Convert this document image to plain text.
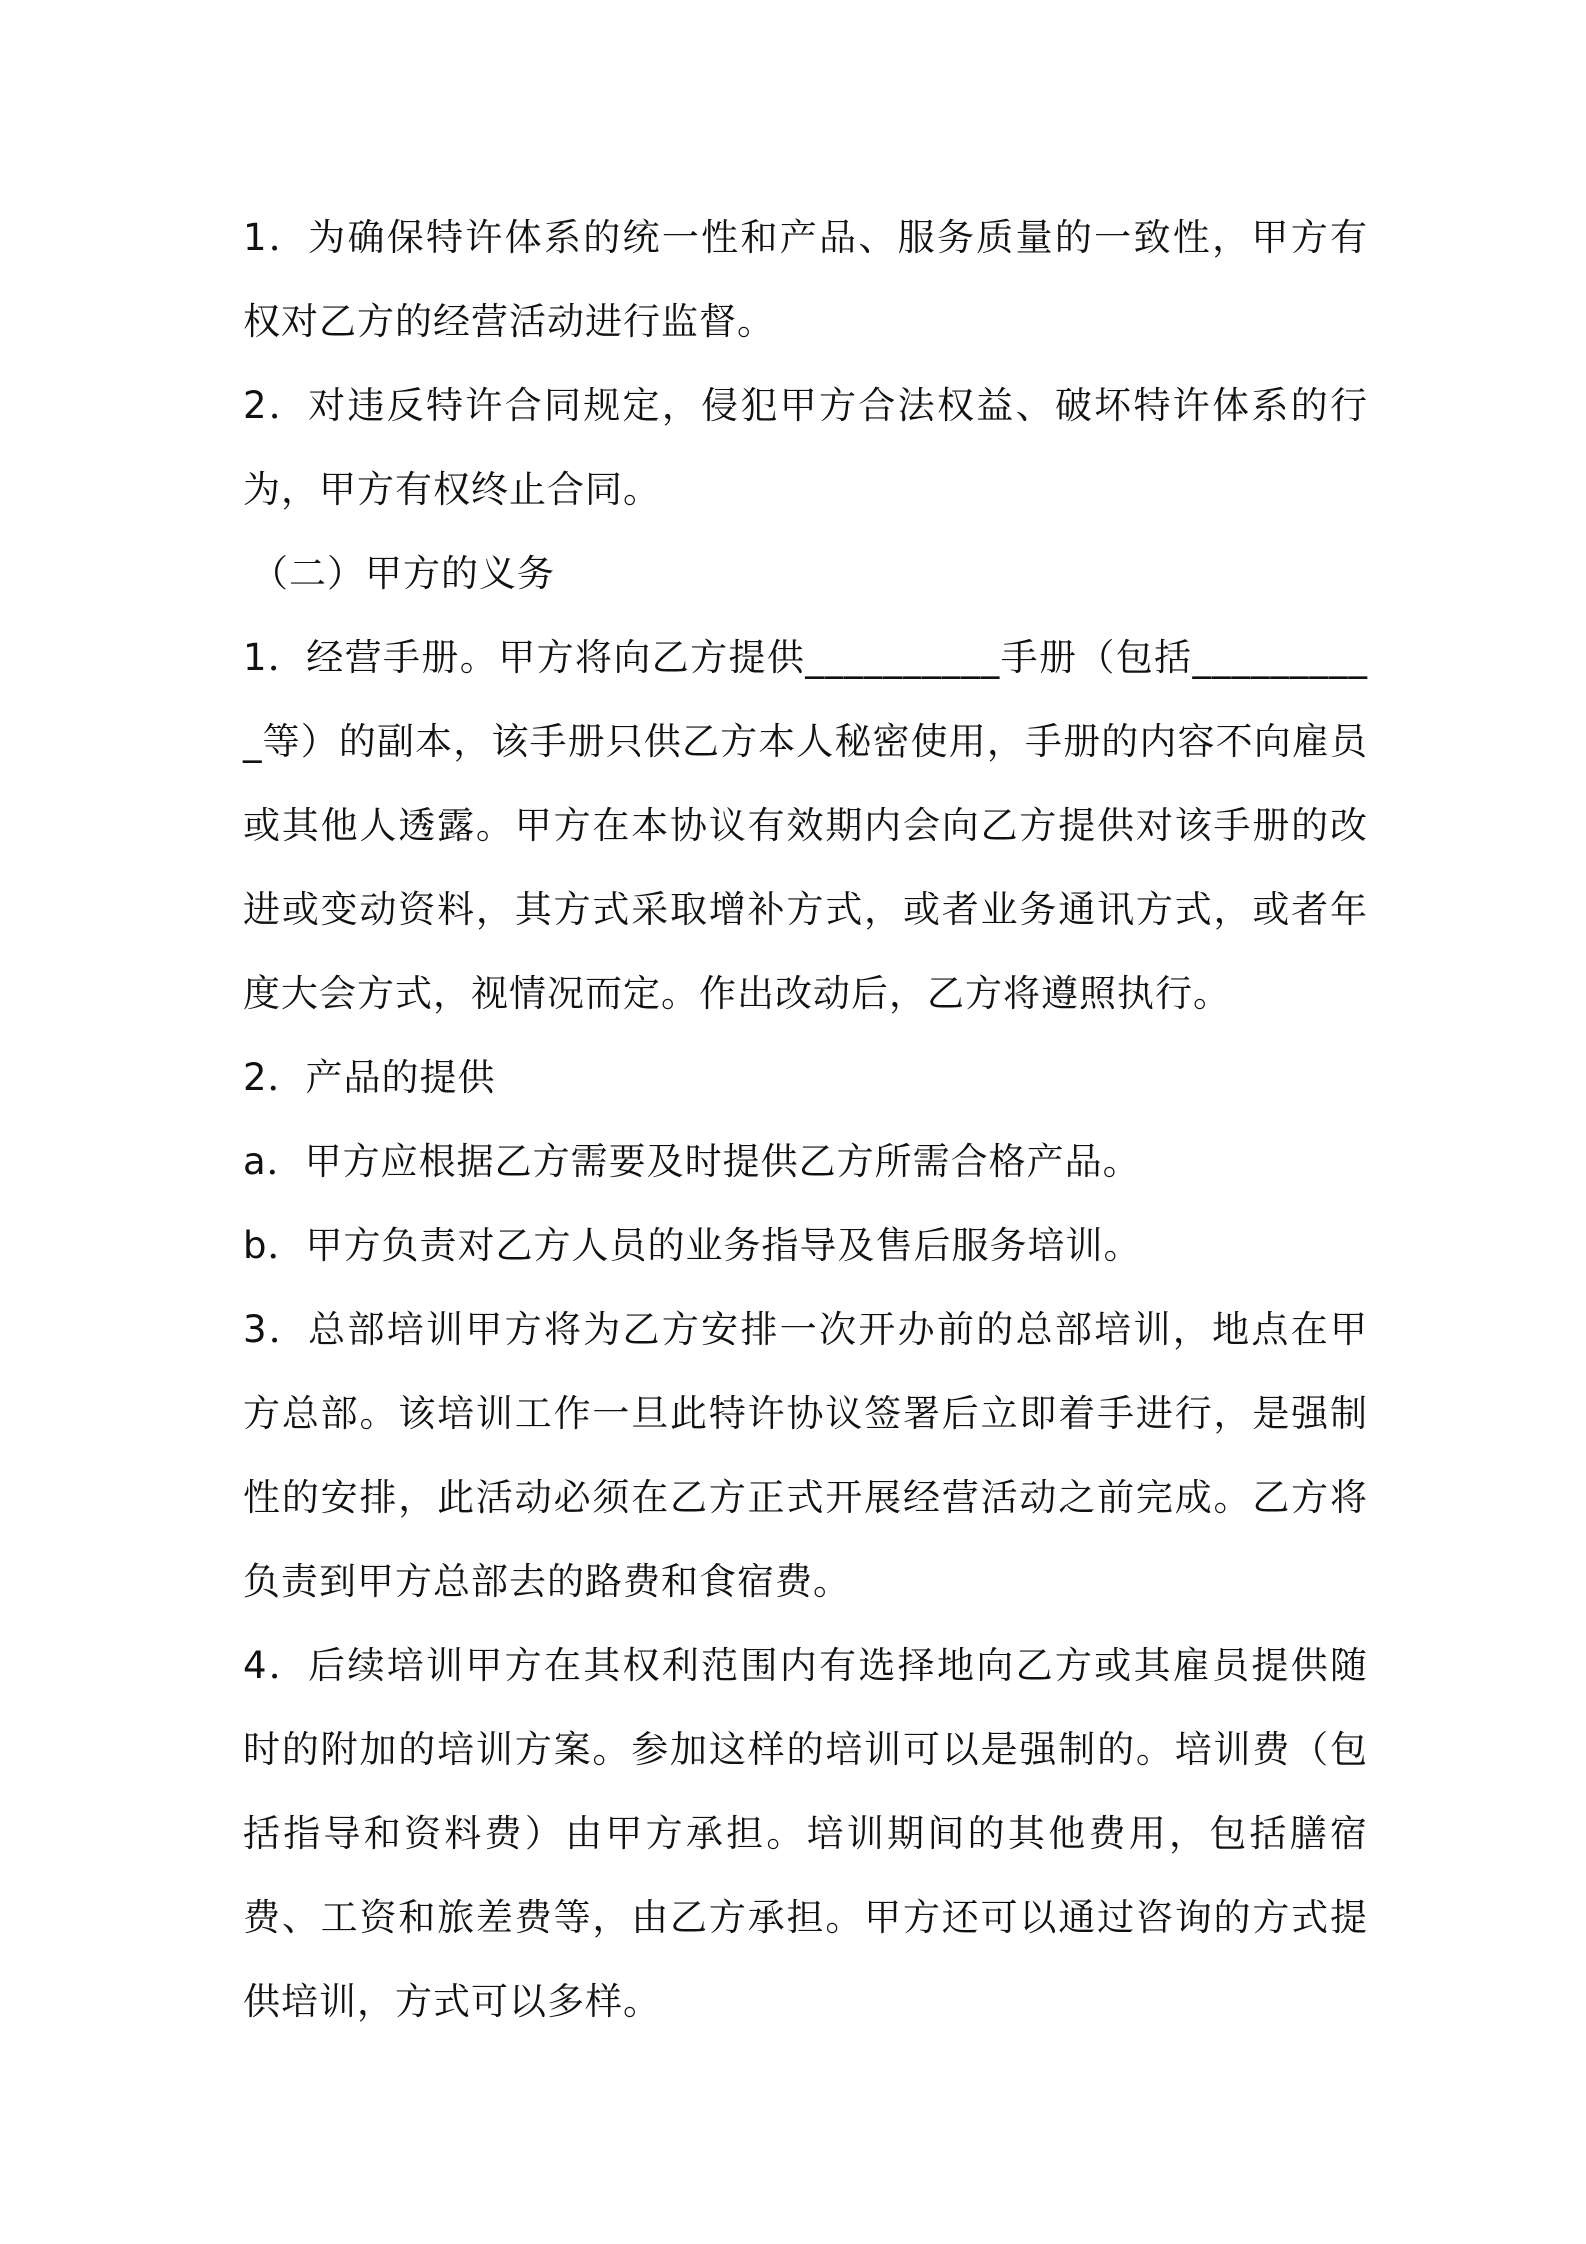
1．为确保特许体系的统一性和产品、服务质量的一致性，甲方有权对乙方的经营活动进行监督。

2．对违反特许合同规定，侵犯甲方合法权益、破坏特许体系的行为，甲方有权终止合同。

（二）甲方的义务

1．经营手册。甲方将向乙方提供__________手册（包括__________等）的副本，该手册只供乙方本人秘密使用，手册的内容不向雇员或其他人透露。甲方在本协议有效期内会向乙方提供对该手册的改进或变动资料，其方式采取增补方式，或者业务通讯方式，或者年度大会方式，视情况而定。作出改动后，乙方将遵照执行。

2．产品的提供

a．甲方应根据乙方需要及时提供乙方所需合格产品。

b．甲方负责对乙方人员的业务指导及售后服务培训。

3．总部培训甲方将为乙方安排一次开办前的总部培训，地点在甲方总部。该培训工作一旦此特许协议签署后立即着手进行，是强制性的安排，此活动必须在乙方正式开展经营活动之前完成。乙方将负责到甲方总部去的路费和食宿费。

4．后续培训甲方在其权利范围内有选择地向乙方或其雇员提供随时的附加的培训方案。参加这样的培训可以是强制的。培训费（包括指导和资料费）由甲方承担。培训期间的其他费用，包括膳宿费、工资和旅差费等，由乙方承担。甲方还可以通过咨询的方式提供培训，方式可以多样。
